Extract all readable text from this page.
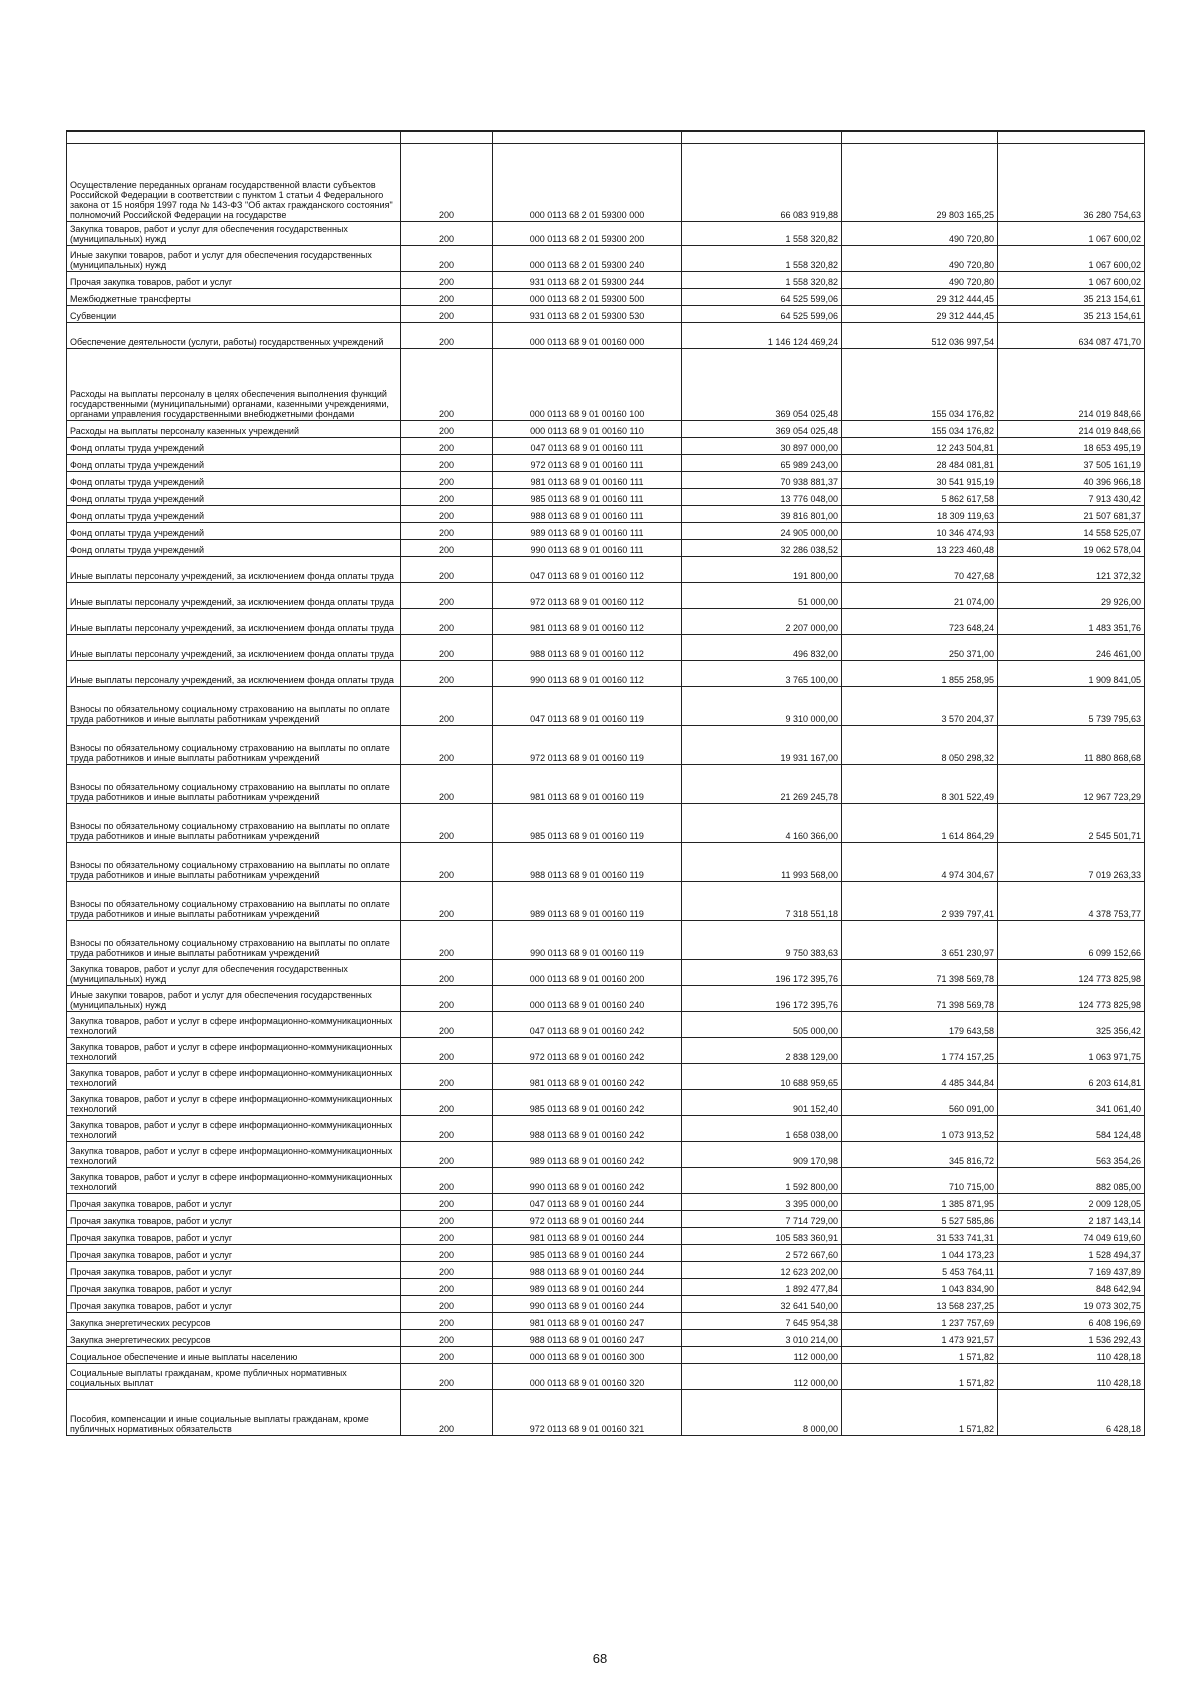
Осуществление переданных органам государственной власти субъектов Российской Федерации в соответствии с пунктом 1 статьи 4 Федерального закона от 15 ноября 1997 года № 143-ФЗ "Об актах гражданского состояния" полномочий Российской Федерации на государстве	200	000 0113 68 2 01 59300 000	66 083 919,88	29 803 165,25	36 280 754,63
Закупка товаров, работ и услуг для обеспечения государственных (муниципальных) нужд	200	000 0113 68 2 01 59300 200	1 558 320,82	490 720,80	1 067 600,02
Иные закупки товаров, работ и услуг для обеспечения государственных (муниципальных) нужд	200	000 0113 68 2 01 59300 240	1 558 320,82	490 720,80	1 067 600,02
Прочая закупка товаров, работ и услуг	200	931 0113 68 2 01 59300 244	1 558 320,82	490 720,80	1 067 600,02
Межбюджетные трансферты	200	000 0113 68 2 01 59300 500	64 525 599,06	29 312 444,45	35 213 154,61
Субвенции	200	931 0113 68 2 01 59300 530	64 525 599,06	29 312 444,45	35 213 154,61
Обеспечение деятельности (услуги, работы) государственных учреждений	200	000 0113 68 9 01 00160 000	1 146 124 469,24	512 036 997,54	634 087 471,70
Расходы на выплаты персоналу в целях обеспечения выполнения функций государственными (муниципальными) органами, казенными учреждениями, органами управления государственными внебюджетными фондами	200	000 0113 68 9 01 00160 100	369 054 025,48	155 034 176,82	214 019 848,66
Расходы на выплаты персоналу казенных учреждений	200	000 0113 68 9 01 00160 110	369 054 025,48	155 034 176,82	214 019 848,66
Фонд оплаты труда учреждений	200	047 0113 68 9 01 00160 111	30 897 000,00	12 243 504,81	18 653 495,19
Фонд оплаты труда учреждений	200	972 0113 68 9 01 00160 111	65 989 243,00	28 484 081,81	37 505 161,19
Фонд оплаты труда учреждений	200	981 0113 68 9 01 00160 111	70 938 881,37	30 541 915,19	40 396 966,18
Фонд оплаты труда учреждений	200	985 0113 68 9 01 00160 111	13 776 048,00	5 862 617,58	7 913 430,42
Фонд оплаты труда учреждений	200	988 0113 68 9 01 00160 111	39 816 801,00	18 309 119,63	21 507 681,37
Фонд оплаты труда учреждений	200	989 0113 68 9 01 00160 111	24 905 000,00	10 346 474,93	14 558 525,07
Фонд оплаты труда учреждений	200	990 0113 68 9 01 00160 111	32 286 038,52	13 223 460,48	19 062 578,04
Иные выплаты персоналу учреждений, за исключением фонда оплаты труда	200	047 0113 68 9 01 00160 112	191 800,00	70 427,68	121 372,32
Иные выплаты персоналу учреждений, за исключением фонда оплаты труда	200	972 0113 68 9 01 00160 112	51 000,00	21 074,00	29 926,00
Иные выплаты персоналу учреждений, за исключением фонда оплаты труда	200	981 0113 68 9 01 00160 112	2 207 000,00	723 648,24	1 483 351,76
Иные выплаты персоналу учреждений, за исключением фонда оплаты труда	200	988 0113 68 9 01 00160 112	496 832,00	250 371,00	246 461,00
Иные выплаты персоналу учреждений, за исключением фонда оплаты труда	200	990 0113 68 9 01 00160 112	3 765 100,00	1 855 258,95	1 909 841,05
Взносы по обязательному социальному страхованию на выплаты по оплате труда работников и иные выплаты работникам учреждений	200	047 0113 68 9 01 00160 119	9 310 000,00	3 570 204,37	5 739 795,63
Взносы по обязательному социальному страхованию на выплаты по оплате труда работников и иные выплаты работникам учреждений	200	972 0113 68 9 01 00160 119	19 931 167,00	8 050 298,32	11 880 868,68
Взносы по обязательному социальному страхованию на выплаты по оплате труда работников и иные выплаты работникам учреждений	200	981 0113 68 9 01 00160 119	21 269 245,78	8 301 522,49	12 967 723,29
Взносы по обязательному социальному страхованию на выплаты по оплате труда работников и иные выплаты работникам учреждений	200	985 0113 68 9 01 00160 119	4 160 366,00	1 614 864,29	2 545 501,71
Взносы по обязательному социальному страхованию на выплаты по оплате труда работников и иные выплаты работникам учреждений	200	988 0113 68 9 01 00160 119	11 993 568,00	4 974 304,67	7 019 263,33
Взносы по обязательному социальному страхованию на выплаты по оплате труда работников и иные выплаты работникам учреждений	200	989 0113 68 9 01 00160 119	7 318 551,18	2 939 797,41	4 378 753,77
Взносы по обязательному социальному страхованию на выплаты по оплате труда работников и иные выплаты работникам учреждений	200	990 0113 68 9 01 00160 119	9 750 383,63	3 651 230,97	6 099 152,66
Закупка товаров, работ и услуг для обеспечения государственных (муниципальных) нужд	200	000 0113 68 9 01 00160 200	196 172 395,76	71 398 569,78	124 773 825,98
Иные закупки товаров, работ и услуг для обеспечения государственных (муниципальных) нужд	200	000 0113 68 9 01 00160 240	196 172 395,76	71 398 569,78	124 773 825,98
Закупка товаров, работ и услуг в сфере информационно-коммуникационных технологий	200	047 0113 68 9 01 00160 242	505 000,00	179 643,58	325 356,42
Закупка товаров, работ и услуг в сфере информационно-коммуникационных технологий	200	972 0113 68 9 01 00160 242	2 838 129,00	1 774 157,25	1 063 971,75
Закупка товаров, работ и услуг в сфере информационно-коммуникационных технологий	200	981 0113 68 9 01 00160 242	10 688 959,65	4 485 344,84	6 203 614,81
Закупка товаров, работ и услуг в сфере информационно-коммуникационных технологий	200	985 0113 68 9 01 00160 242	901 152,40	560 091,00	341 061,40
Закупка товаров, работ и услуг в сфере информационно-коммуникационных технологий	200	988 0113 68 9 01 00160 242	1 658 038,00	1 073 913,52	584 124,48
Закупка товаров, работ и услуг в сфере информационно-коммуникационных технологий	200	989 0113 68 9 01 00160 242	909 170,98	345 816,72	563 354,26
Закупка товаров, работ и услуг в сфере информационно-коммуникационных технологий	200	990 0113 68 9 01 00160 242	1 592 800,00	710 715,00	882 085,00
Прочая закупка товаров, работ и услуг	200	047 0113 68 9 01 00160 244	3 395 000,00	1 385 871,95	2 009 128,05
Прочая закупка товаров, работ и услуг	200	972 0113 68 9 01 00160 244	7 714 729,00	5 527 585,86	2 187 143,14
Прочая закупка товаров, работ и услуг	200	981 0113 68 9 01 00160 244	105 583 360,91	31 533 741,31	74 049 619,60
Прочая закупка товаров, работ и услуг	200	985 0113 68 9 01 00160 244	2 572 667,60	1 044 173,23	1 528 494,37
Прочая закупка товаров, работ и услуг	200	988 0113 68 9 01 00160 244	12 623 202,00	5 453 764,11	7 169 437,89
Прочая закупка товаров, работ и услуг	200	989 0113 68 9 01 00160 244	1 892 477,84	1 043 834,90	848 642,94
Прочая закупка товаров, работ и услуг	200	990 0113 68 9 01 00160 244	32 641 540,00	13 568 237,25	19 073 302,75
Закупка энергетических ресурсов	200	981 0113 68 9 01 00160 247	7 645 954,38	1 237 757,69	6 408 196,69
Закупка энергетических ресурсов	200	988 0113 68 9 01 00160 247	3 010 214,00	1 473 921,57	1 536 292,43
Социальное обеспечение и иные выплаты населению	200	000 0113 68 9 01 00160 300	112 000,00	1 571,82	110 428,18
Социальные выплаты гражданам, кроме публичных нормативных социальных выплат	200	000 0113 68 9 01 00160 320	112 000,00	1 571,82	110 428,18
Пособия, компенсации и иные социальные выплаты гражданам, кроме публичных нормативных обязательств	200	972 0113 68 9 01 00160 321	8 000,00	1 571,82	6 428,18
68
